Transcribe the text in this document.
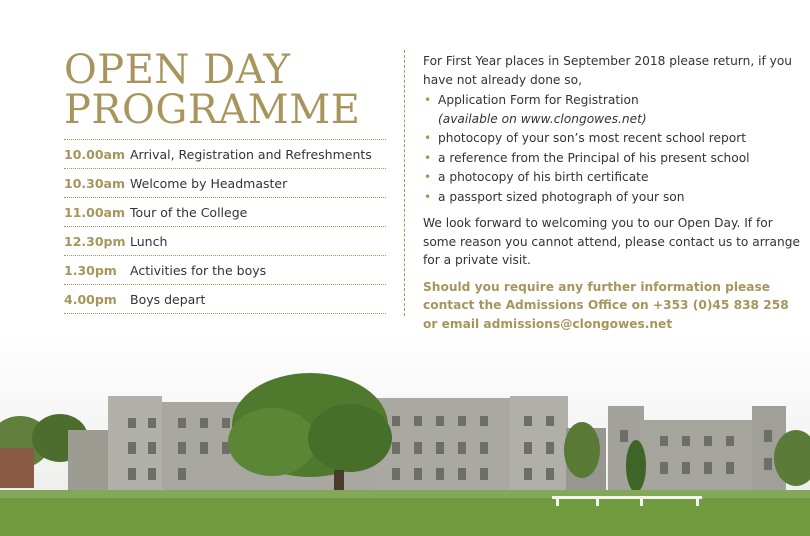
OPEN DAY
PROGRAMME
10.00am Arrival, Registration and Refreshments
10.30am Welcome by Headmaster
11.00am Tour of the College
12.30pm Lunch
1.30pm	Activities for the boys
4.00pm	Boys depart

For First Year places in September 2018 please return, if you have not already done so,

• Application Form for Registration
(available on www.clongowes.net)
• photocopy of your son’s most recent school report
• a reference from the Principal of his present school
• a photocopy of his birth certificate
• a passport sized photograph of your son

We look forward to welcoming you to our Open Day. If for some reason you cannot attend, please contact us to arrange for a private visit.

Should you require any further information please contact the Admissions Office on +353 (0)45 838 258 or email admissions@clongowes.net
